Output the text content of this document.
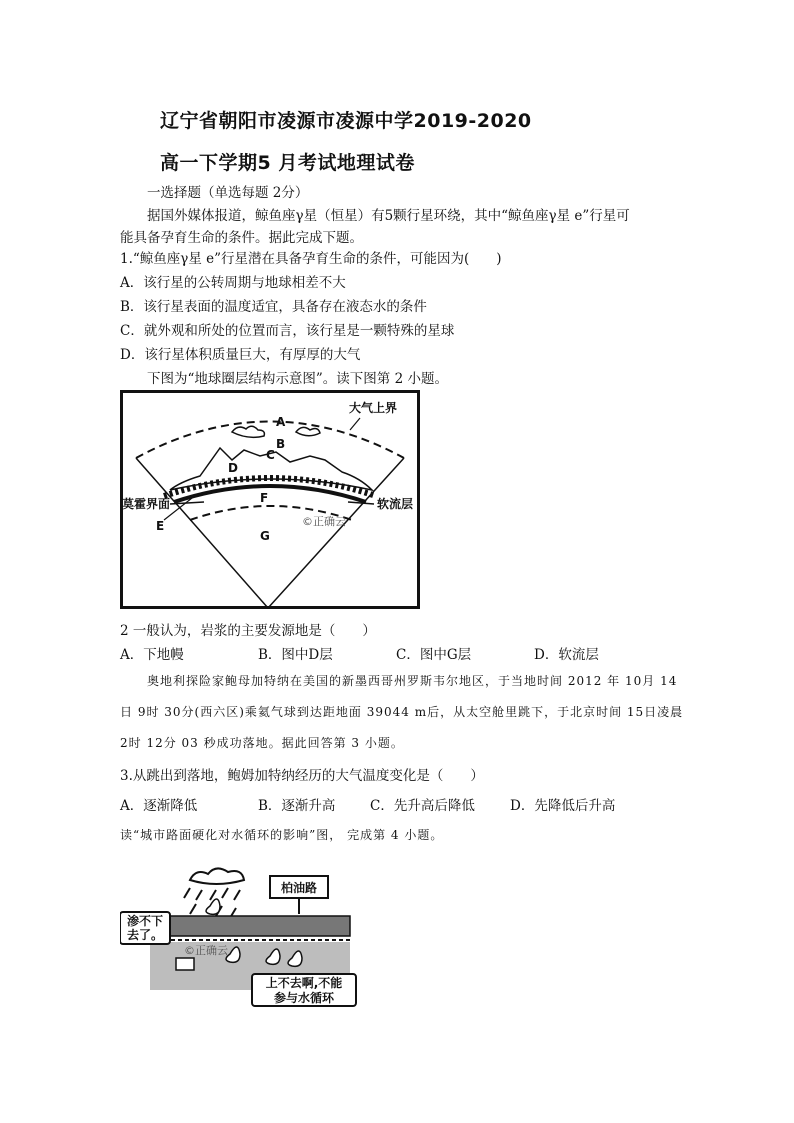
辽宁省朝阳市凌源市凌源中学2019-2020
高一下学期5 月考试地理试卷
一选择题（单选每题 2分）
据国外媒体报道，鲸鱼座γ星（恒星）有5颗行星环绕，其中“鲸鱼座γ星 e”行星可
能具备孕育生命的条件。据此完成下题。
1.“鲸鱼座γ星 e”行星潜在具备孕育生命的条件，可能因为(　　)
A．该行星的公转周期与地球相差不大
B．该行星表面的温度适宜，具备存在液态水的条件
C．就外观和所处的位置而言，该行星是一颗特殊的星球
D．该行星体积质量巨大，有厚厚的大气
下图为“地球圈层结构示意图”。读下图第 2 小题。
大气上界
A
B
C
D
F
G
E
莫霍界面	软流层
©正确云
2 一般认为，岩浆的主要发源地是（　　）
A．下地幔	B．图中D层	C．图中G层	D．软流层
奥地利探险家鲍母加特纳在美国的新墨西哥州罗斯韦尔地区，于当地时间 2012 年 10月 14
日 9时 30分(西六区)乘氦气球到达距地面 39044 m后，从太空舱里跳下，于北京时间 15日凌晨
2时 12分 03 秒成功落地。据此回答第 3 小题。
3.从跳出到落地，鲍姆加特纳经历的大气温度变化是（　　）
A．逐渐降低	B．逐渐升高	C．先升高后降低	D．先降低后升高
读“城市路面硬化对水循环的影响”图， 完成第 4 小题。
柏油路
渗不下
去了。
©正确云
上不去啊,不能
参与水循环
